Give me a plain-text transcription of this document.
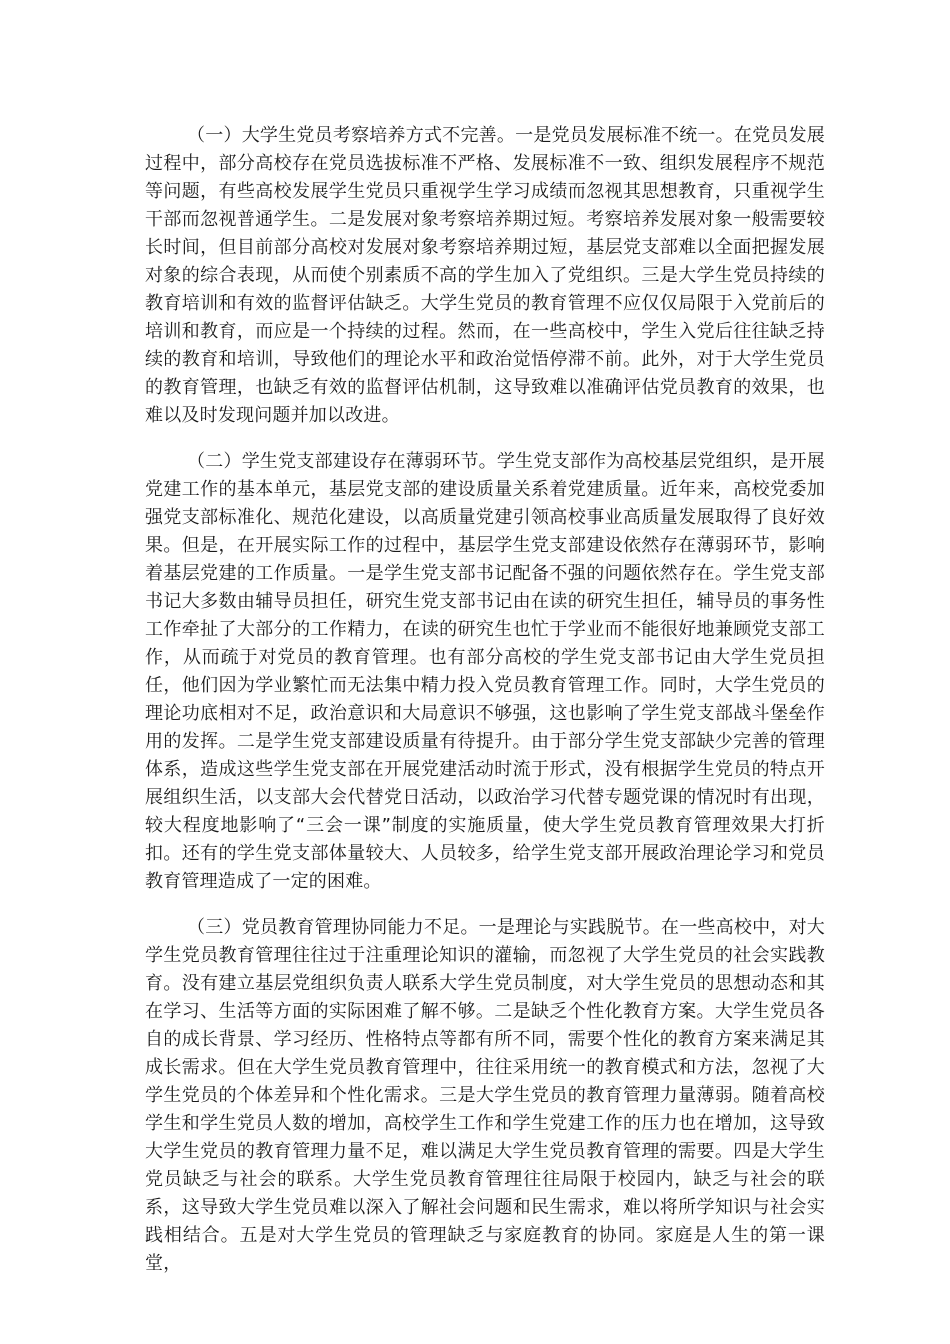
（一）大学生党员考察培养方式不完善。一是党员发展标准不统一。在党员发展过程中，部分高校存在党员选拔标准不严格、发展标准不一致、组织发展程序不规范等问题，有些高校发展学生党员只重视学生学习成绩而忽视其思想教育，只重视学生干部而忽视普通学生。二是发展对象考察培养期过短。考察培养发展对象一般需要较长时间，但目前部分高校对发展对象考察培养期过短，基层党支部难以全面把握发展对象的综合表现，从而使个别素质不高的学生加入了党组织。三是大学生党员持续的教育培训和有效的监督评估缺乏。大学生党员的教育管理不应仅仅局限于入党前后的培训和教育，而应是一个持续的过程。然而，在一些高校中，学生入党后往往缺乏持续的教育和培训，导致他们的理论水平和政治觉悟停滞不前。此外，对于大学生党员的教育管理，也缺乏有效的监督评估机制，这导致难以准确评估党员教育的效果，也难以及时发现问题并加以改进。

（二）学生党支部建设存在薄弱环节。学生党支部作为高校基层党组织，是开展党建工作的基本单元，基层党支部的建设质量关系着党建质量。近年来，高校党委加强党支部标准化、规范化建设，以高质量党建引领高校事业高质量发展取得了良好效果。但是，在开展实际工作的过程中，基层学生党支部建设依然存在薄弱环节，影响着基层党建的工作质量。一是学生党支部书记配备不强的问题依然存在。学生党支部书记大多数由辅导员担任，研究生党支部书记由在读的研究生担任，辅导员的事务性工作牵扯了大部分的工作精力，在读的研究生也忙于学业而不能很好地兼顾党支部工作，从而疏于对党员的教育管理。也有部分高校的学生党支部书记由大学生党员担任，他们因为学业繁忙而无法集中精力投入党员教育管理工作。同时，大学生党员的理论功底相对不足，政治意识和大局意识不够强，这也影响了学生党支部战斗堡垒作用的发挥。二是学生党支部建设质量有待提升。由于部分学生党支部缺少完善的管理体系，造成这些学生党支部在开展党建活动时流于形式，没有根据学生党员的特点开展组织生活，以支部大会代替党日活动，以政治学习代替专题党课的情况时有出现，较大程度地影响了“三会一课”制度的实施质量，使大学生党员教育管理效果大打折扣。还有的学生党支部体量较大、人员较多，给学生党支部开展政治理论学习和党员教育管理造成了一定的困难。

（三）党员教育管理协同能力不足。一是理论与实践脱节。在一些高校中，对大学生党员教育管理往往过于注重理论知识的灌输，而忽视了大学生党员的社会实践教育。没有建立基层党组织负责人联系大学生党员制度，对大学生党员的思想动态和其在学习、生活等方面的实际困难了解不够。二是缺乏个性化教育方案。大学生党员各自的成长背景、学习经历、性格特点等都有所不同，需要个性化的教育方案来满足其成长需求。但在大学生党员教育管理中，往往采用统一的教育模式和方法，忽视了大学生党员的个体差异和个性化需求。三是大学生党员的教育管理力量薄弱。随着高校学生和学生党员人数的增加，高校学生工作和学生党建工作的压力也在增加，这导致大学生党员的教育管理力量不足，难以满足大学生党员教育管理的需要。四是大学生党员缺乏与社会的联系。大学生党员教育管理往往局限于校园内，缺乏与社会的联系，这导致大学生党员难以深入了解社会问题和民生需求，难以将所学知识与社会实践相结合。五是对大学生党员的管理缺乏与家庭教育的协同。家庭是人生的第一课堂，
